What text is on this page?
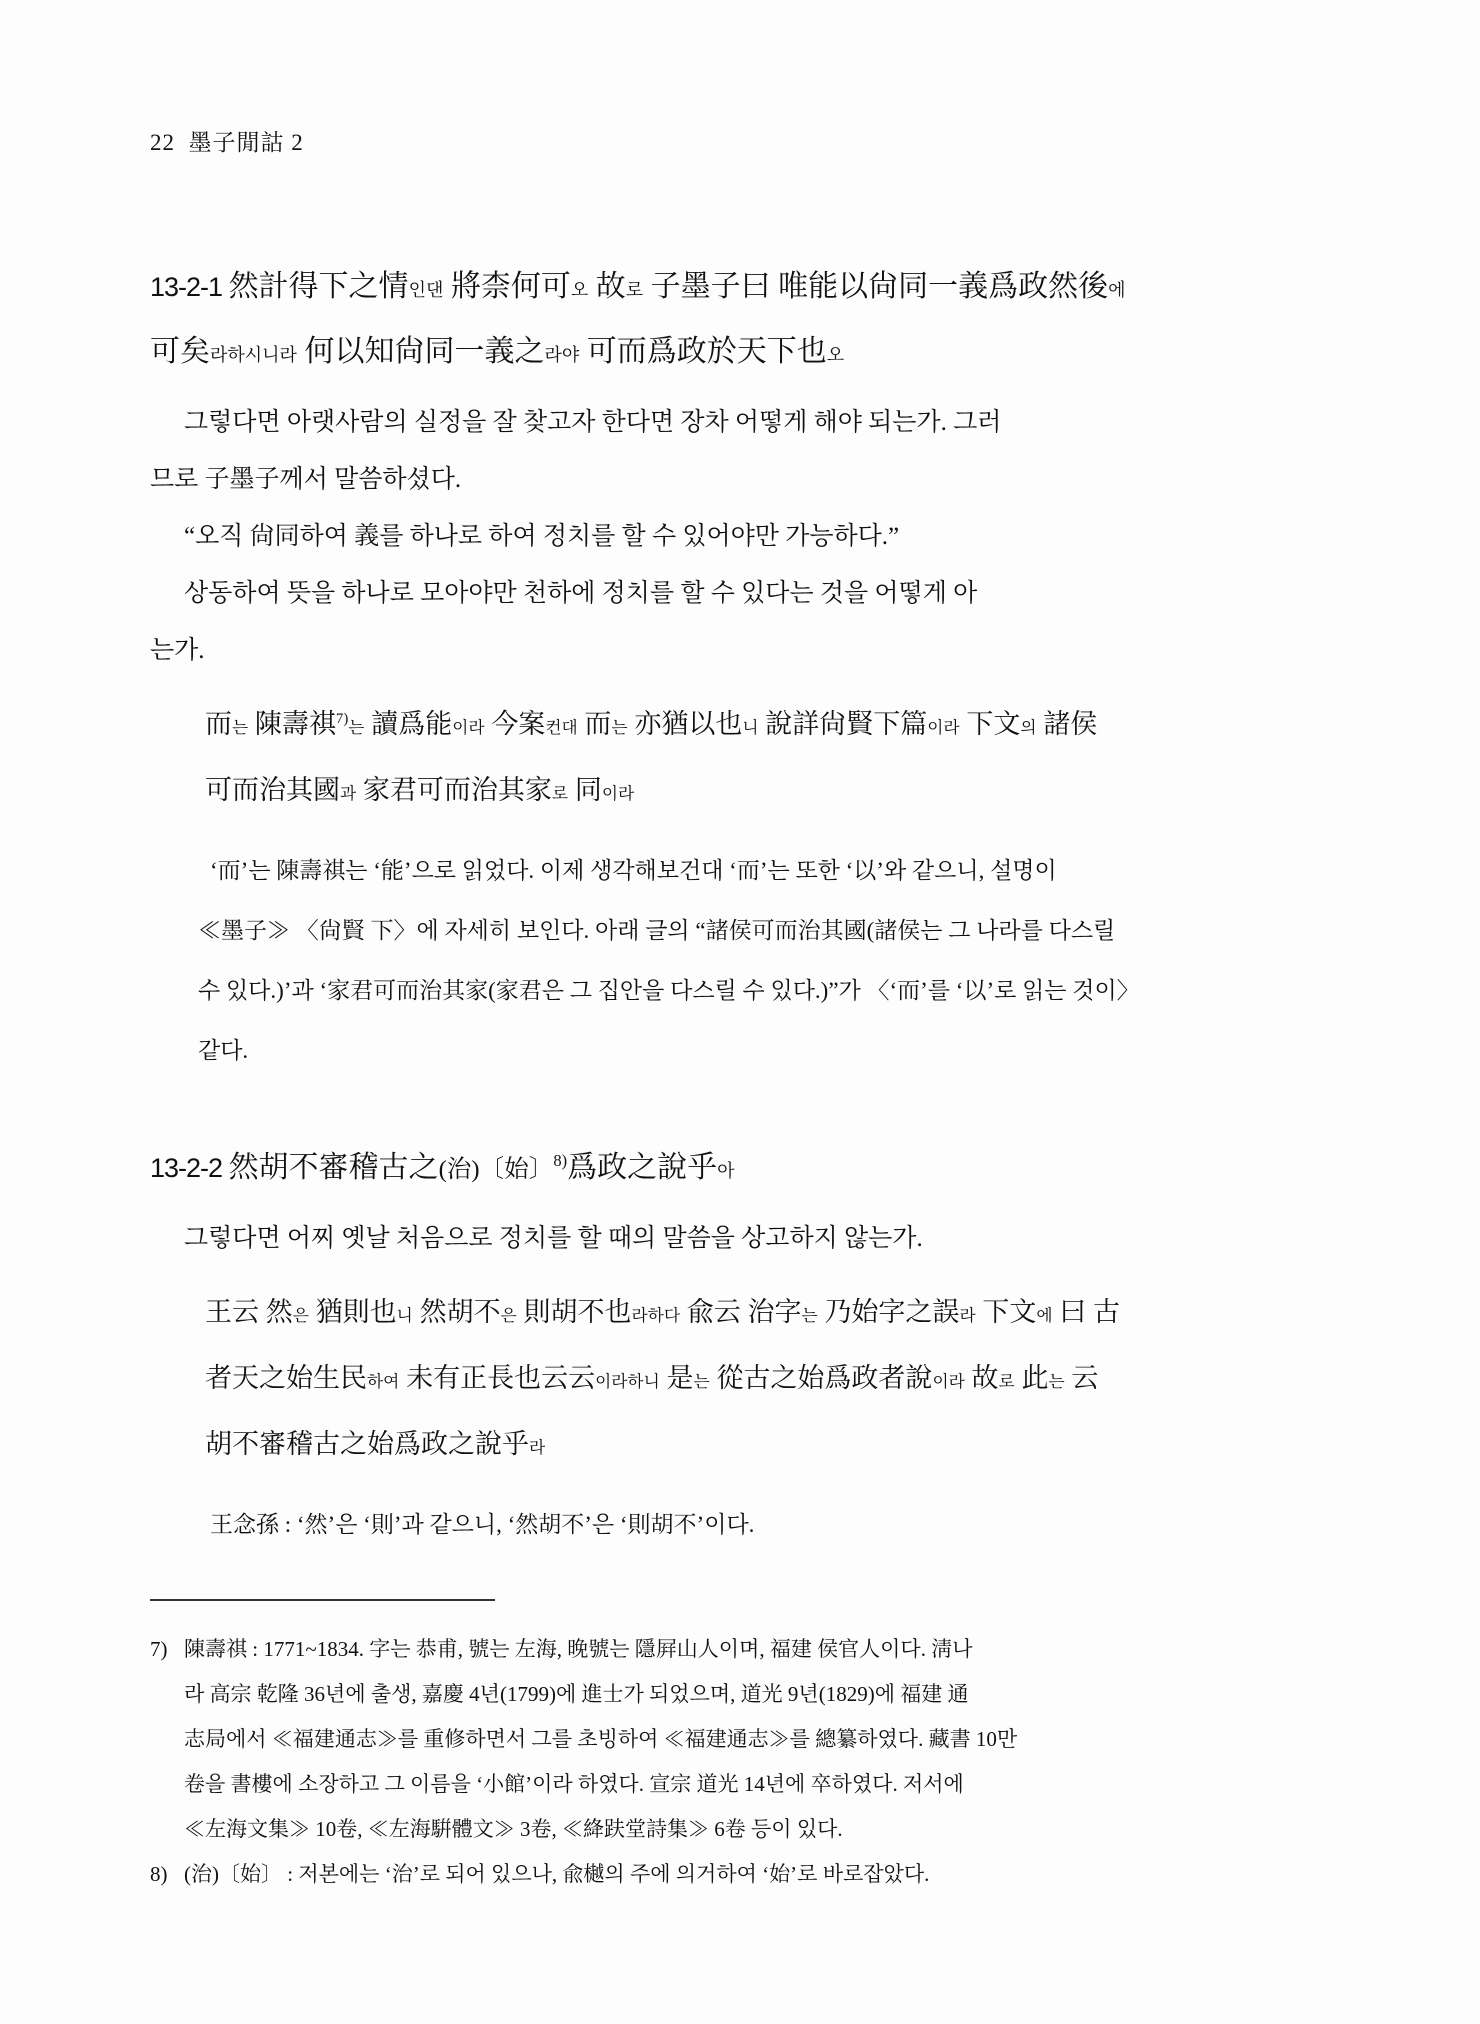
22  墨子閒詁 2
13-2-1 然計得下之情인댄 將柰何可오 故로 子墨子曰 唯能以尙同一義爲政然後에
可矣라하시니라 何以知尙同一義之라야 可而爲政於天下也오
그렇다면 아랫사람의 실정을 잘 찾고자 한다면 장차 어떻게 해야 되는가. 그러
므로 子墨子께서 말씀하셨다.
“오직 尙同하여 義를 하나로 하여 정치를 할 수 있어야만 가능하다.”
상동하여 뜻을 하나로 모아야만 천하에 정치를 할 수 있다는 것을 어떻게 아
는가.
而는 陳壽祺$^{7)}$는 讀爲能이라 今案컨대 而는 亦猶以也니 說詳尙賢下篇이라 下文의 諸侯
可而治其國과 家君可而治其家로 同이라
‘而’는 陳壽祺는 ‘能’으로 읽었다. 이제 생각해보건대 ‘而’는 또한 ‘以’와 같으니, 설명이
≪墨子≫ 〈尙賢 下〉에 자세히 보인다. 아래 글의 “諸侯可而治其國(諸侯는 그 나라를 다스릴
수 있다.)’과 ‘家君可而治其家(家君은 그 집안을 다스릴 수 있다.)”가 〈‘而’를 ‘以’로 읽는 것이〉
같다.
13-2-2 然胡不審稽古之(治)〔始〕$^{8)}$爲政之說乎아
그렇다면 어찌 옛날 처음으로 정치를 할 때의 말씀을 상고하지 않는가.
王云 然은 猶則也니 然胡不은 則胡不也라하다 兪云 治字는 乃始字之誤라 下文에 曰 古
者天之始生民하여 未有正長也云云이라하니 是는 從古之始爲政者說이라 故로 此는 云
胡不審稽古之始爲政之說乎라
王念孫 : ‘然’은 ‘則’과 같으니, ‘然胡不’은 ‘則胡不’이다.
7) 陳壽祺 : 1771~1834. 字는 恭甫, 號는 左海, 晚號는 隱屛山人이며, 福建 侯官人이다. 淸나
라 高宗 乾隆 36년에 출생, 嘉慶 4년(1799)에 進士가 되었으며, 道光 9년(1829)에 福建 通
志局에서 ≪福建通志≫를 重修하면서 그를 초빙하여 ≪福建通志≫를 總纂하였다. 藏書 10만
卷을 書樓에 소장하고 그 이름을 ‘小館’이라 하였다. 宣宗 道光 14년에 卒하였다. 저서에
≪左海文集≫ 10卷, ≪左海騈體文≫ 3卷, ≪絳趺堂詩集≫ 6卷 등이 있다.
8) (治)〔始〕 : 저본에는 ‘治’로 되어 있으나, 兪樾의 주에 의거하여 ‘始’로 바로잡았다.
